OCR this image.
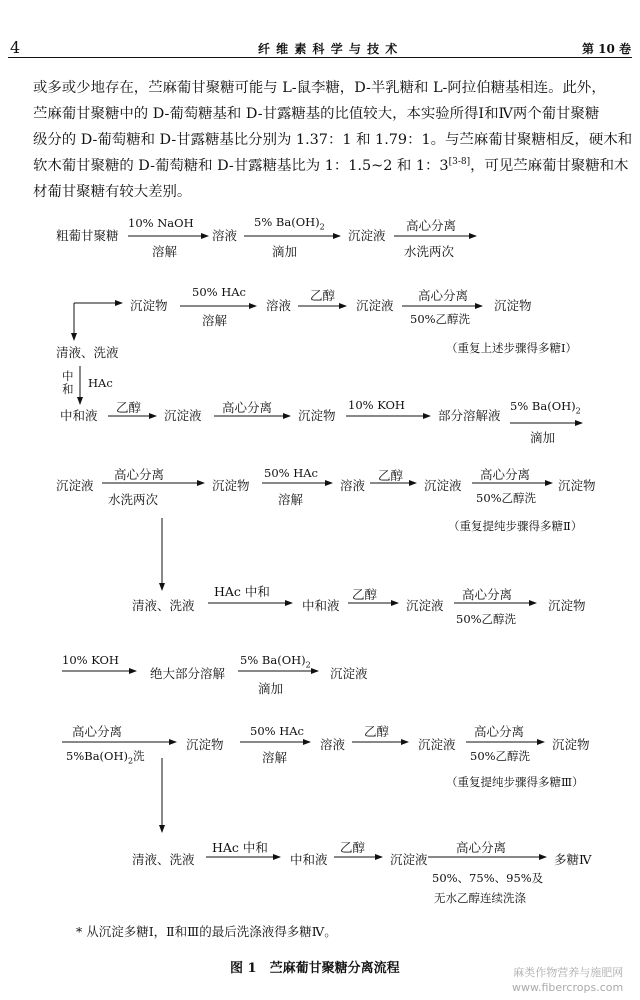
4	纤 维 素 科 学 与 技 术	第 10 卷
或多或少地存在，苎麻葡甘聚糖可能与 L-鼠李糖，D-半乳糖和 L-阿拉伯糖基相连。此外，
苎麻葡甘聚糖中的 D-葡萄糖基和 D-甘露糖基的比值较大，本实验所得Ⅰ和Ⅳ两个葡甘聚糖
级分的 D-葡萄糖和 D-甘露糖基比分别为 1.37：1 和 1.79：1。与苎麻葡甘聚糖相反，硬木和
软木葡甘聚糖的 D-葡萄糖和 D-甘露糖基比为 1：1.5~2 和 1：3[3-8]，可见苎麻葡甘聚糖和木
材葡甘聚糖有较大差别。
粗葡甘聚糖
10% NaOH
溶解
溶液
5% $Ba(OH)_2$
滴加
沉淀液
高心分离
水洗两次
沉淀物
50% HAc
溶解
溶液
乙醇
沉淀液
高心分离
50%乙醇洗
沉淀物
清液、洗液	（重复上述步骤得多糖Ⅰ）
中
和 HAc
中和液
乙醇
沉淀液
高心分离
沉淀物
10% KOH
部分溶解液
5% $Ba(OH)_2$
滴加
沉淀液
高心分离
水洗两次
沉淀物
50% HAc
溶解
溶液
乙醇
沉淀液
高心分离
50%乙醇洗
沉淀物
（重复提纯步骤得多糖Ⅱ）
清液、洗液
HAc 中和
中和液
乙醇
沉淀液
高心分离
50%乙醇洗
沉淀物
10% KOH
绝大部分溶解
5% $Ba(OH)_2$
滴加
沉淀液
高心分离
$5\%Ba(OH)_2$洗
沉淀物
50% HAc
溶解
溶液
乙醇
沉淀液
高心分离
50%乙醇洗
沉淀物
（重复提纯步骤得多糖Ⅲ）
清液、洗液
HAc 中和
中和液
乙醇
沉淀液
高心分离
50%、75%、95%及
无水乙醇连续洗涤
多糖Ⅳ
* 从沉淀多糖Ⅰ，Ⅱ和Ⅲ的最后洗涤液得多糖Ⅳ。
图 1　苎麻葡甘聚糖分离流程	麻类作物营养与施肥网
www.fibercrops.com
